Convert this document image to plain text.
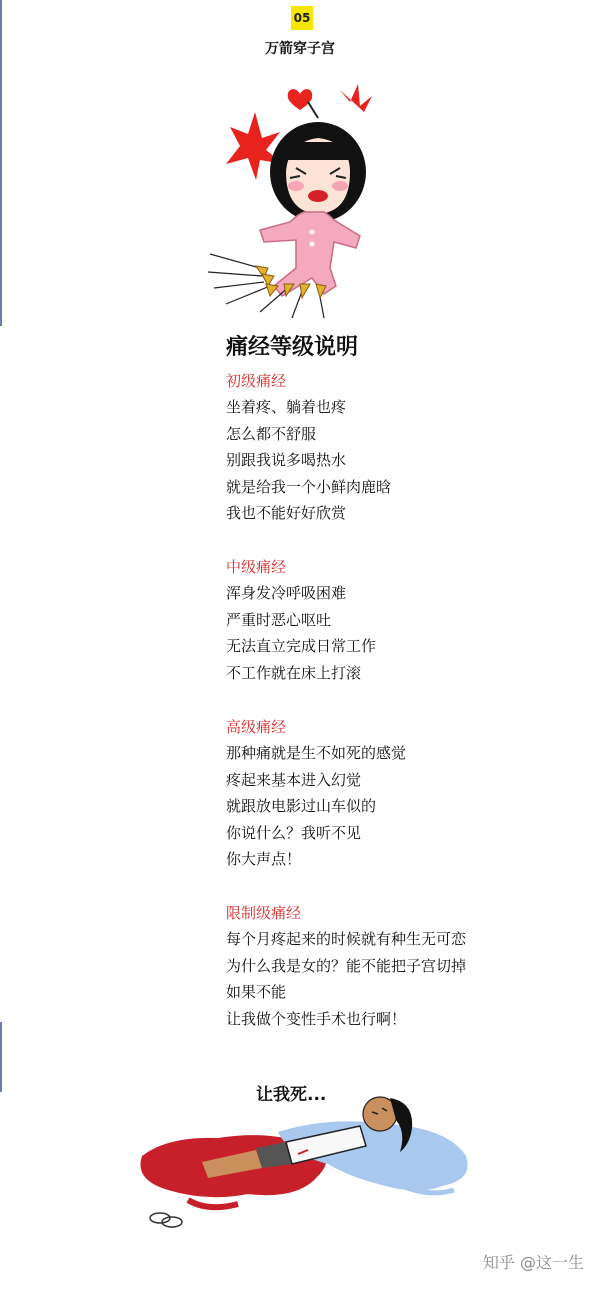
05
万箭穿子宫
痛经等级说明
初级痛经
坐着疼、躺着也疼
怎么都不舒服
别跟我说多喝热水
就是给我一个小鲜肉鹿晗
我也不能好好欣赏
中级痛经
浑身发冷呼吸困难
严重时恶心呕吐
无法直立完成日常工作
不工作就在床上打滚
高级痛经
那种痛就是生不如死的感觉
疼起来基本进入幻觉
就跟放电影过山车似的
你说什么？我听不见
你大声点！
限制级痛经
每个月疼起来的时候就有种生无可恋
为什么我是女的？能不能把子宫切掉
如果不能
让我做个变性手术也行啊！
让我死...
知乎 @这一生
